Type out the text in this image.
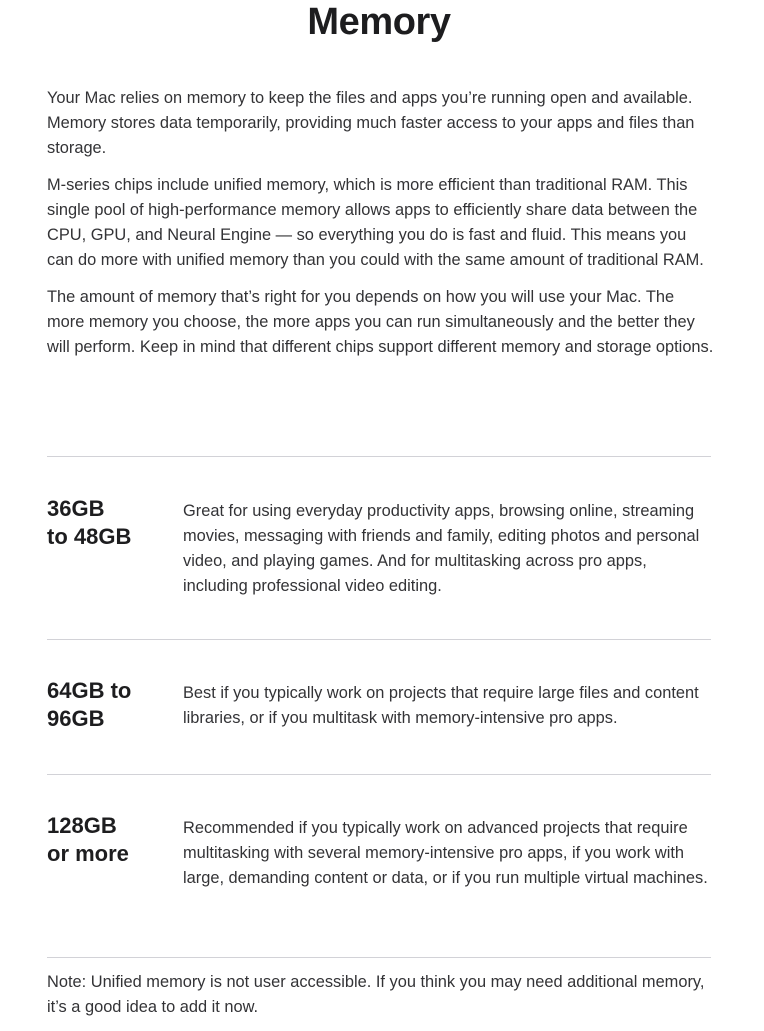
Memory

Your Mac relies on memory to keep the files and apps you’re running open and available. Memory stores data temporarily, providing much faster access to your apps and files than storage.

M-series chips include unified memory, which is more efficient than traditional RAM. This single pool of high-performance memory allows apps to efficiently share data between the CPU, GPU, and Neural Engine — so everything you do is fast and fluid. This means you can do more with unified memory than you could with the same amount of traditional RAM.

The amount of memory that’s right for you depends on how you will use your Mac. The more memory you choose, the more apps you can run simultaneously and the better they will perform. Keep in mind that different chips support different memory and storage options.

36GB
to 48GB

Great for using everyday productivity apps, browsing online, streaming movies, messaging with friends and family, editing photos and personal video, and playing games. And for multitasking across pro apps, including professional video editing.

64GB to
96GB

Best if you typically work on projects that require large files and content libraries, or if you multitask with memory-intensive pro apps.

128GB
or more

Recommended if you typically work on advanced projects that require multitasking with several memory-intensive pro apps, if you work with large, demanding content or data, or if you run multiple virtual machines.

Note: Unified memory is not user accessible. If you think you may need additional memory, it’s a good idea to add it now.
